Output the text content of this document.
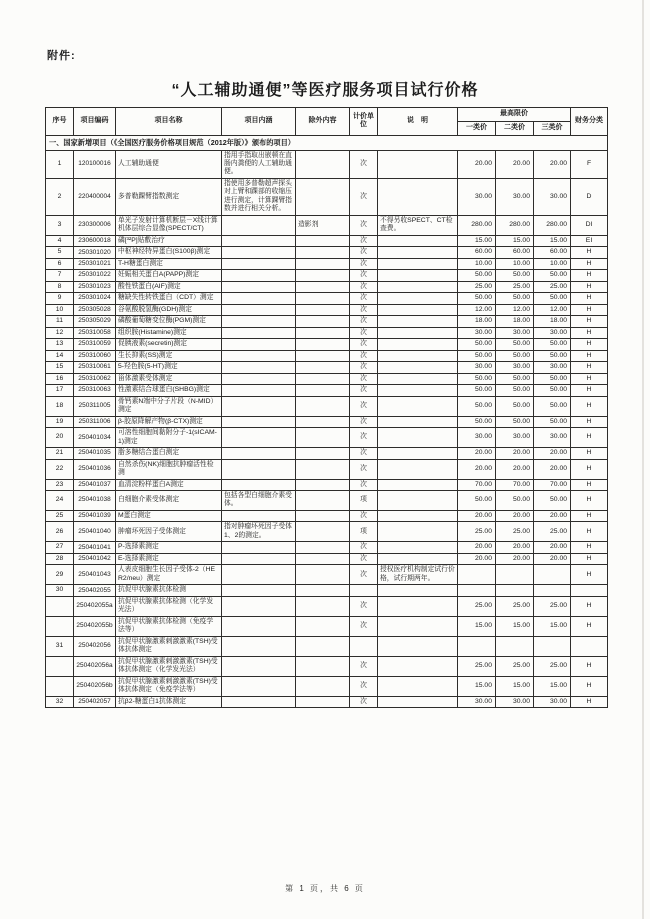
附件:
“人工辅助通便”等医疗服务项目试行价格
序号	项目编码	项目名称	项目内涵	除外内容	计价单位	说　明	最高限价			财务分类
							一类价	二类价	三类价	
一、国家新增项目（《全国医疗服务价格项目规范（2012年版）》颁布的项目）										
1	120100016	人工辅助通便	指用手指取出嵌顿在直肠内粪便的人工辅助通便。		次		20.00	20.00	20.00	F
2	220400004	多普勒踝臂指数测定	指使用多普勒超声探头对上臂和踝部的收缩压进行测定，计算踝臂指数并进行相关分析。		次		30.00	30.00	30.00	D
3	230300006	单光子发射计算机断层－X线计算机体层综合显像(SPECT/CT)		造影剂	次	不得另收SPECT、CT检查费。	280.00	280.00	280.00	DI
4	230600018	磷[³²P]贴敷治疗			次		15.00	15.00	15.00	EI
5	250301020	中枢神经特异蛋白(S100β)测定			次		60.00	60.00	60.00	H
6	250301021	T-H糖蛋白测定			次		10.00	10.00	10.00	H
7	250301022	妊娠相关蛋白A(PAPP)测定			次		50.00	50.00	50.00	H
8	250301023	酸性铁蛋白(AIF)测定			次		25.00	25.00	25.00	H
9	250301024	糖缺失性转铁蛋白（CDT）测定			次		50.00	50.00	50.00	H
10	250305028	谷氨酸脱氢酶(GDH)测定			次		12.00	12.00	12.00	H
11	250305029	磷酸葡萄糖变位酶(PGM)测定			次		18.00	18.00	18.00	H
12	250310058	组织胺(Histamine)测定			次		30.00	30.00	30.00	H
13	250310059	促胰液素(secretin)测定			次		50.00	50.00	50.00	H
14	250310060	生长抑素(SS)测定			次		50.00	50.00	50.00	H
15	250310061	5-羟色胺(5-HT)测定			次		30.00	30.00	30.00	H
16	250310062	甾体激素受体测定			次		50.00	50.00	50.00	H
17	250310063	性激素结合球蛋白(SHBG)测定			次		50.00	50.00	50.00	H
18	250311005	骨钙素N端中分子片段（N-MID）测定			次		50.00	50.00	50.00	H
19	250311006	β-胶原降解产物(β-CTX)测定			次		50.00	50.00	50.00	H
20	250401034	可溶性细胞间黏附分子-1(sICAM-1)测定			次		30.00	30.00	30.00	H
21	250401035	脂多糖结合蛋白测定			次		20.00	20.00	20.00	H
22	250401036	自然杀伤(NK)细胞抗肿瘤活性检测			次		20.00	20.00	20.00	H
23	250401037	血清淀粉样蛋白A测定			次		70.00	70.00	70.00	H
24	250401038	白细胞介素受体测定	包括各型白细胞介素受体。		项		50.00	50.00	50.00	H
25	250401039	M蛋白测定			次		20.00	20.00	20.00	H
26	250401040	肿瘤坏死因子受体测定	指对肿瘤坏死因子受体1、2的测定。		项		25.00	25.00	25.00	H
27	250401041	P-选择素测定			次		20.00	20.00	20.00	H
28	250401042	E-选择素测定			次		20.00	20.00	20.00	H
29	250401043	人表皮细胞生长因子受体-2（HER2/neu）测定			次	授权医疗机构制定试行价格，试行期两年。				H
30	250402055	抗促甲状腺素抗体检测								
	250402055a	抗促甲状腺素抗体检测（化学发光法）			次		25.00	25.00	25.00	H
	250402055b	抗促甲状腺素抗体检测（免疫学法等）			次		15.00	15.00	15.00	H
31	250402056	抗促甲状腺激素刺激激素(TSH)受体抗体测定								
	250402056a	抗促甲状腺激素刺激激素(TSH)受体抗体测定（化学发光法）			次		25.00	25.00	25.00	H
	250402056b	抗促甲状腺激素刺激激素(TSH)受体抗体测定（免疫学法等）			次		15.00	15.00	15.00	H
32	250402057	抗β2-糖蛋白1抗体测定			次		30.00	30.00	30.00	H
第 1 页，共 6 页
